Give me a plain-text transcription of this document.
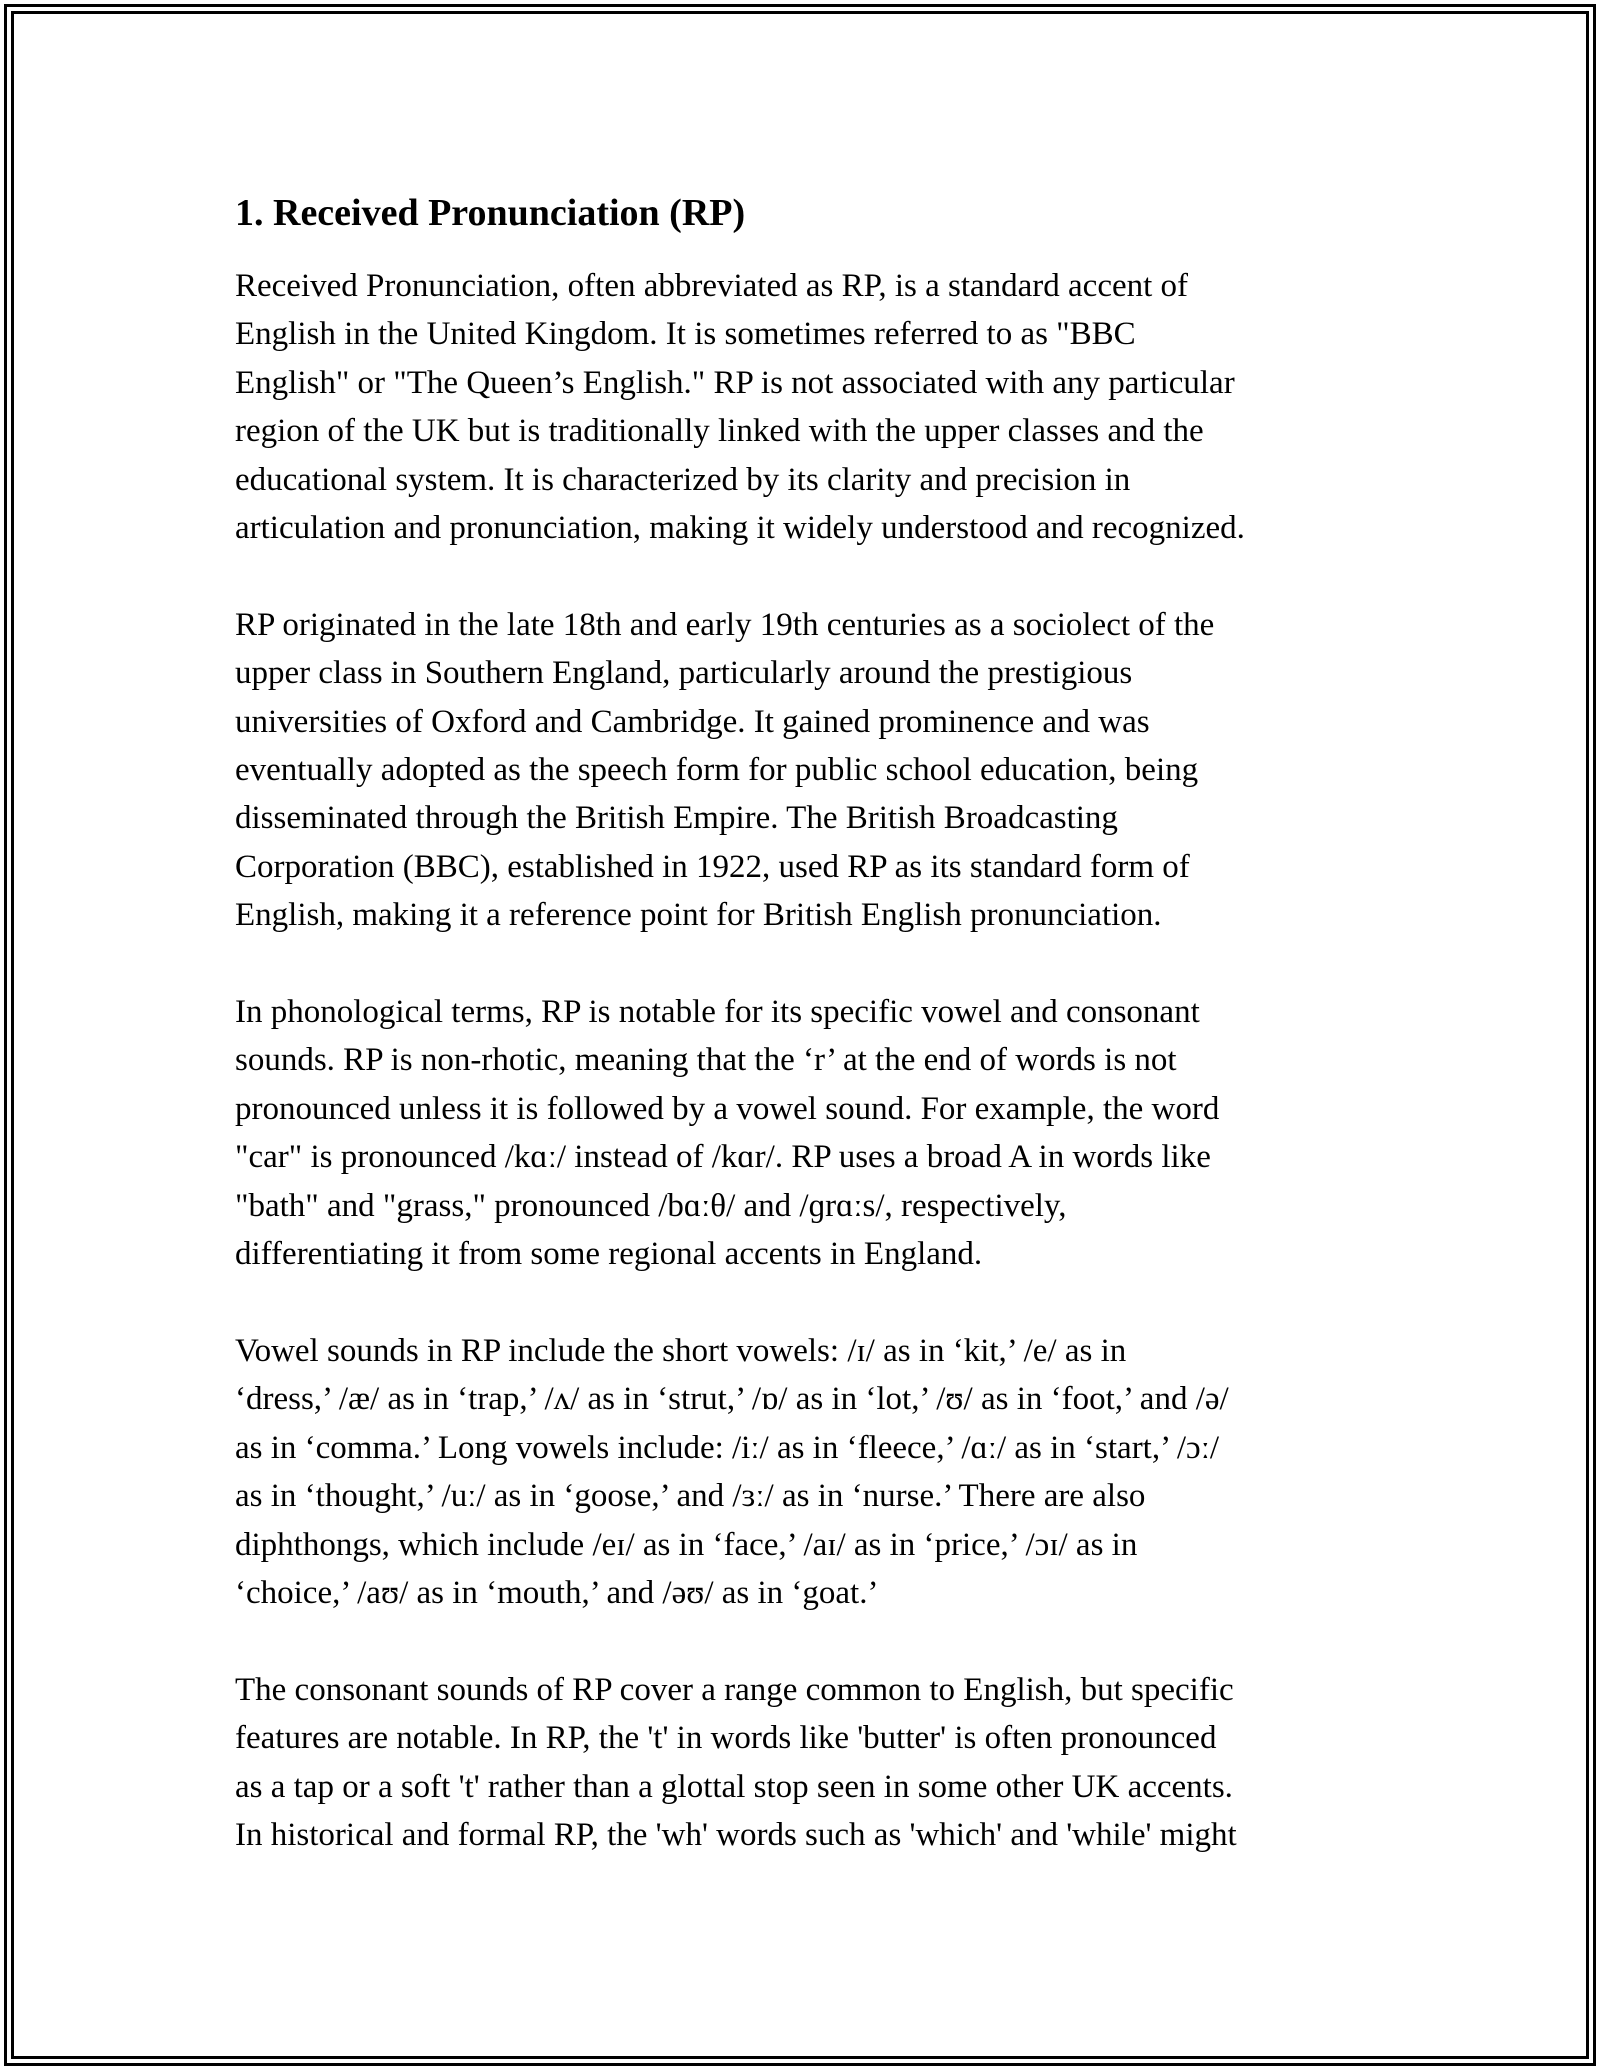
1. Received Pronunciation (RP)

Received Pronunciation, often abbreviated as RP, is a standard accent of
English in the United Kingdom. It is sometimes referred to as "BBC
English" or "The Queen’s English." RP is not associated with any particular
region of the UK but is traditionally linked with the upper classes and the
educational system. It is characterized by its clarity and precision in
articulation and pronunciation, making it widely understood and recognized.

RP originated in the late 18th and early 19th centuries as a sociolect of the
upper class in Southern England, particularly around the prestigious
universities of Oxford and Cambridge. It gained prominence and was
eventually adopted as the speech form for public school education, being
disseminated through the British Empire. The British Broadcasting
Corporation (BBC), established in 1922, used RP as its standard form of
English, making it a reference point for British English pronunciation.

In phonological terms, RP is notable for its specific vowel and consonant
sounds. RP is non-rhotic, meaning that the ‘r’ at the end of words is not
pronounced unless it is followed by a vowel sound. For example, the word
"car" is pronounced /kɑː/ instead of /kɑr/. RP uses a broad A in words like
"bath" and "grass," pronounced /bɑːθ/ and /ɡrɑːs/, respectively,
differentiating it from some regional accents in England.

Vowel sounds in RP include the short vowels: /ɪ/ as in ‘kit,’ /e/ as in
‘dress,’ /æ/ as in ‘trap,’ /ʌ/ as in ‘strut,’ /ɒ/ as in ‘lot,’ /ʊ/ as in ‘foot,’ and /ə/
as in ‘comma.’ Long vowels include: /iː/ as in ‘fleece,’ /ɑː/ as in ‘start,’ /ɔː/
as in ‘thought,’ /uː/ as in ‘goose,’ and /ɜː/ as in ‘nurse.’ There are also
diphthongs, which include /eɪ/ as in ‘face,’ /aɪ/ as in ‘price,’ /ɔɪ/ as in
‘choice,’ /aʊ/ as in ‘mouth,’ and /əʊ/ as in ‘goat.’

The consonant sounds of RP cover a range common to English, but specific
features are notable. In RP, the 't' in words like 'butter' is often pronounced
as a tap or a soft 't' rather than a glottal stop seen in some other UK accents.
In historical and formal RP, the 'wh' words such as 'which' and 'while' might
